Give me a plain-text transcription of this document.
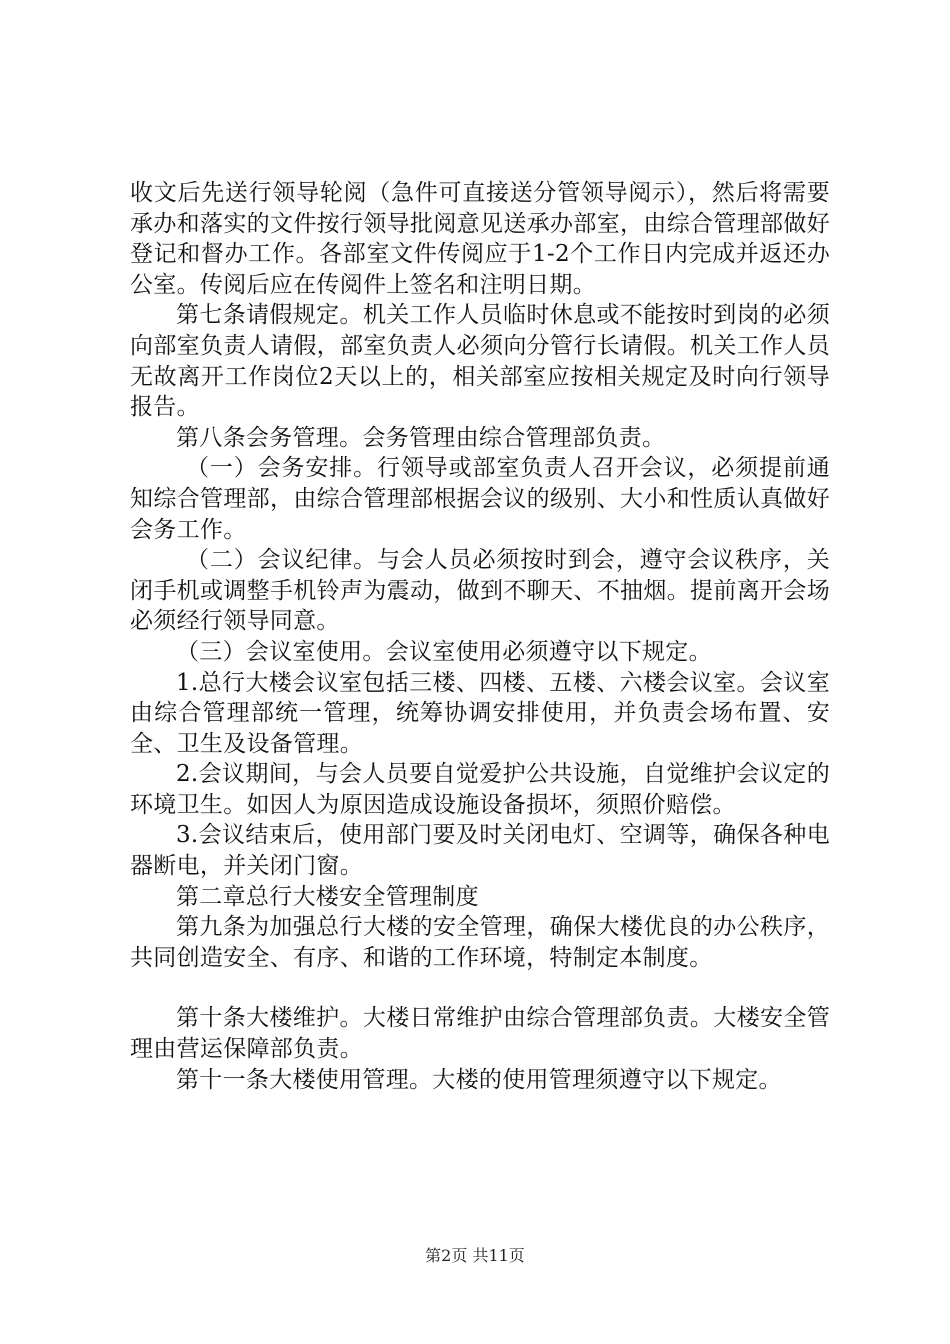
收文后先送行领导轮阅（急件可直接送分管领导阅示），然后将需要承办和落实的文件按行领导批阅意见送承办部室，由综合管理部做好登记和督办工作。各部室文件传阅应于1-2个工作日内完成并返还办公室。传阅后应在传阅件上签名和注明日期。

第七条请假规定。机关工作人员临时休息或不能按时到岗的必须向部室负责人请假，部室负责人必须向分管行长请假。机关工作人员无故离开工作岗位2天以上的，相关部室应按相关规定及时向行领导报告。

第八条会务管理。会务管理由综合管理部负责。

（一）会务安排。行领导或部室负责人召开会议，必须提前通知综合管理部，由综合管理部根据会议的级别、大小和性质认真做好会务工作。

（二）会议纪律。与会人员必须按时到会，遵守会议秩序，关闭手机或调整手机铃声为震动，做到不聊天、不抽烟。提前离开会场必须经行领导同意。

（三）会议室使用。会议室使用必须遵守以下规定。

1.总行大楼会议室包括三楼、四楼、五楼、六楼会议室。会议室由综合管理部统一管理，统筹协调安排使用，并负责会场布置、安全、卫生及设备管理。

2.会议期间，与会人员要自觉爱护公共设施，自觉维护会议定的环境卫生。如因人为原因造成设施设备损坏，须照价赔偿。

3.会议结束后，使用部门要及时关闭电灯、空调等，确保各种电器断电，并关闭门窗。

第二章总行大楼安全管理制度

第九条为加强总行大楼的安全管理，确保大楼优良的办公秩序，共同创造安全、有序、和谐的工作环境，特制定本制度。

第十条大楼维护。大楼日常维护由综合管理部负责。大楼安全管理由营运保障部负责。

第十一条大楼使用管理。大楼的使用管理须遵守以下规定。

第2页 共11页
